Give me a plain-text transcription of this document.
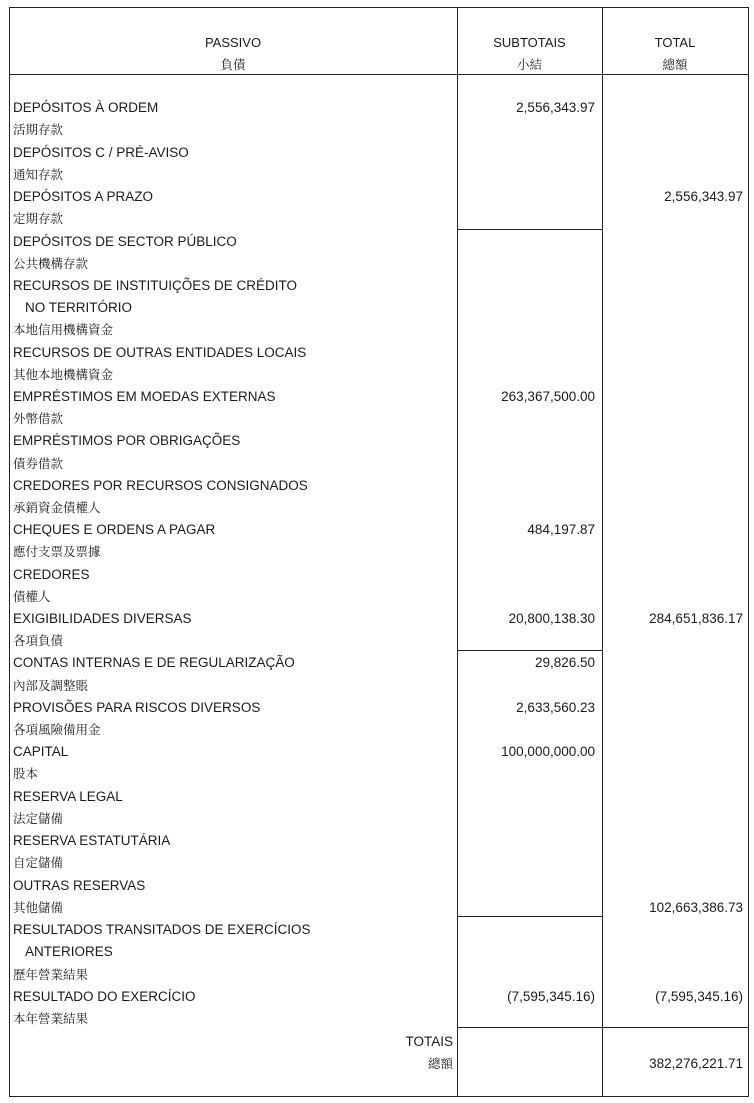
PASSIVO
負債
SUBTOTAIS
小結
TOTAL
總額
DEPÓSITOS À ORDEM
活期存款
DEPÓSITOS C / PRÉ-AVISO
通知存款
DEPÓSITOS A PRAZO
定期存款
DEPÓSITOS DE SECTOR PÚBLICO
公共機構存款
RECURSOS DE INSTITUIÇÕES DE CRÉDITO
NO TERRITÓRIO
本地信用機構資金
RECURSOS DE OUTRAS ENTIDADES LOCAIS
其他本地機構資金
EMPRÉSTIMOS EM MOEDAS EXTERNAS
外幣借款
EMPRÉSTIMOS POR OBRIGAÇÕES
債券借款
CREDORES POR RECURSOS CONSIGNADOS
承銷資金債權人
CHEQUES E ORDENS A PAGAR
應付支票及票據
CREDORES
債權人
EXIGIBILIDADES DIVERSAS
各項負債
CONTAS INTERNAS E DE REGULARIZAÇÃO
內部及調整賬
PROVISÕES PARA RISCOS DIVERSOS
各項風險備用金
CAPITAL
股本
RESERVA LEGAL
法定儲備
RESERVA ESTATUTÁRIA
自定儲備
OUTRAS RESERVAS
其他儲備
RESULTADOS TRANSITADOS DE EXERCÍCIOS
ANTERIORES
歷年營業結果
RESULTADO DO EXERCÍCIO
本年營業結果
2,556,343.97
263,367,500.00
484,197.87
20,800,138.30
29,826.50
2,633,560.23
100,000,000.00
(7,595,345.16)
2,556,343.97
284,651,836.17
102,663,386.73
(7,595,345.16)
TOTAIS
總額	382,276,221.71
